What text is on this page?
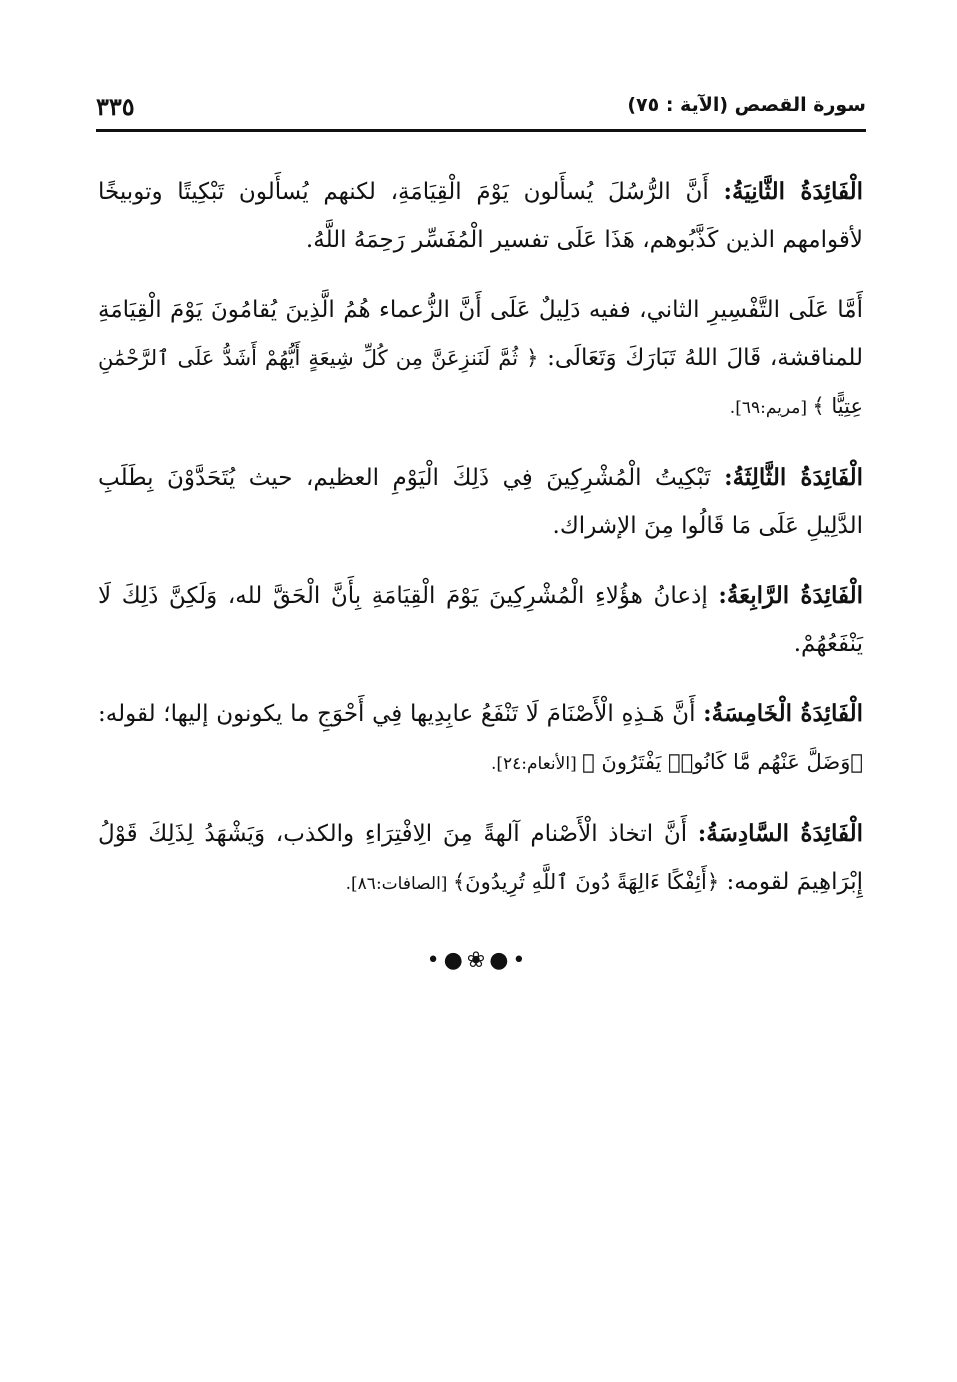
٣٣٥	سورة القصص (الآية : ٧٥)

الْفَائِدَةُ الثَّانِيَةُ: أَنَّ الرُّسُلَ يُسأَلون يَوْمَ الْقِيَامَةِ، لكنهم يُسأَلون تَبْكِيتًا وتوبيخًا لأقوامهم الذين كَذَّبُوهم، هَذَا عَلَى تفسير الْمُفَسِّر رَحِمَهُ اللَّهُ.

أَمَّا عَلَى التَّفْسِيرِ الثاني، ففيه دَلِيلٌ عَلَى أَنَّ الزُّعماء هُمُ الَّذِينَ يُقامُونَ يَوْمَ الْقِيَامَةِ للمناقشة، قَالَ اللهُ تَبَارَكَ وَتَعَالَى: ﴿ ثُمَّ لَنَنزِعَنَّ مِن كُلِّ شِيعَةٍ أَيُّهُمْ أَشَدُّ عَلَى ٱلرَّحْمَٰنِ عِتِيًّا ﴾ [مريم:٦٩].

الْفَائِدَةُ الثَّالِثَةُ: تَبْكِيتُ الْمُشْرِكِينَ فِي ذَلِكَ الْيَوْمِ العظيم، حيث يُتَحَدَّوْنَ بِطَلَبِ الدَّلِيلِ عَلَى مَا قَالُوا مِنَ الإشراك.

الْفَائِدَةُ الرَّابِعَةُ: إذعانُ هؤُلاءِ الْمُشْرِكِينَ يَوْمَ الْقِيَامَةِ بِأَنَّ الْحَقَّ لله، وَلَكِنَّ ذَلِكَ لَا يَنْفَعُهُمْ.

الْفَائِدَةُ الْخَامِسَةُ: أَنَّ هَـذِهِ الْأَصْنَامَ لَا تَنْفَعُ عابِدِيها فِي أَحْوَجِ ما يكونون إليها؛ لقوله: ﴿وَضَلَّ عَنْهُم مَّا كَانُوا۟ يَفْتَرُونَ ﴾ [الأنعام:٢٤].

الْفَائِدَةُ السَّادِسَةُ: أَنَّ اتخاذ الْأَصْنام آلهةً مِنَ الِافْتِرَاءِ والكذب، وَيَشْهَدُ لِذَلِكَ قَوْلُ إِبْرَاهِيمَ لقومه: ﴿أَئِفْكًا ءَالِهَةً دُونَ ٱللَّهِ تُرِيدُونَ﴾ [الصافات:٨٦].

•●❀●•
